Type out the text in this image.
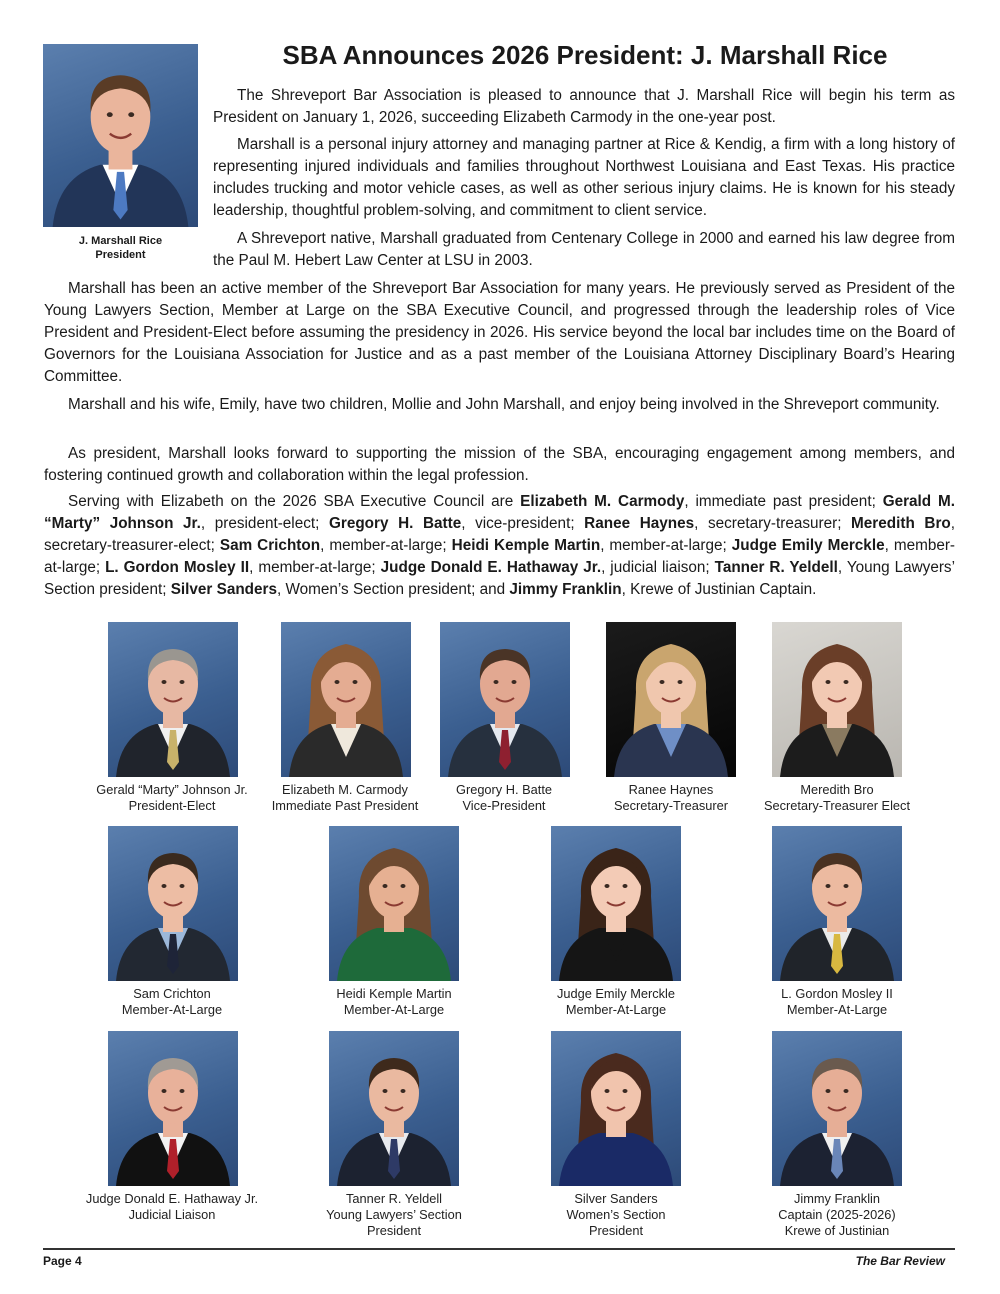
J. Marshall Rice
President
SBA Announces 2026 President: J. Marshall Rice

The Shreveport Bar Association is pleased to announce that J. Marshall Rice will begin his term as President on January 1, 2026, succeeding Elizabeth Carmody in the one-year post.

Marshall is a personal injury attorney and managing partner at Rice & Kendig, a firm with a long history of representing injured individuals and families throughout Northwest Louisiana and East Texas. His practice includes trucking and motor vehicle cases, as well as other serious injury claims. He is known for his steady leadership, thoughtful problem-solving, and commitment to client service.

A Shreveport native, Marshall graduated from Centenary College in 2000 and earned his law degree from the Paul M. Hebert Law Center at LSU in 2003.

Marshall has been an active member of the Shreveport Bar Association for many years. He previously served as President of the Young Lawyers Section, Member at Large on the SBA Executive Council, and progressed through the leadership roles of Vice President and President-Elect before assuming the presidency in 2026. His service beyond the local bar includes time on the Board of Governors for the Louisiana Association for Justice and as a past member of the Louisiana Attorney Disciplinary Board’s Hearing Committee.

Marshall and his wife, Emily, have two children, Mollie and John Marshall, and enjoy being involved in the Shreveport community.

As president, Marshall looks forward to supporting the mission of the SBA, encouraging engagement among members, and fostering continued growth and collaboration within the legal profession.

Serving with Elizabeth on the 2026 SBA Executive Council are Elizabeth M. Carmody, immediate past president; Gerald M. “Marty” Johnson Jr., president-elect; Gregory H. Batte, vice-president; Ranee Haynes, secretary-treasurer; Meredith Bro, secretary-treasurer-elect; Sam Crichton, member-at-large; Heidi Kemple Martin, member-at-large; Judge Emily Merckle, member-at-large; L. Gordon Mosley II, member-at-large; Judge Donald E. Hathaway Jr., judicial liaison; Tanner R. Yeldell, Young Lawyers’ Section president; Silver Sanders, Women’s Section president; and Jimmy Franklin, Krewe of Justinian Captain.

Gerald “Marty” Johnson Jr.
President-Elect
Elizabeth M. Carmody
Immediate Past President
Gregory H. Batte
Vice-President
Ranee Haynes
Secretary-Treasurer
Meredith Bro
Secretary-Treasurer Elect
Sam Crichton
Member-At-Large
Heidi Kemple Martin
Member-At-Large
Judge Emily Merckle
Member-At-Large
L. Gordon Mosley II
Member-At-Large
Judge Donald E. Hathaway Jr.
Judicial Liaison
Tanner R. Yeldell
Young Lawyers’ Section
President
Silver Sanders
Women’s Section
President
Jimmy Franklin
Captain (2025-2026)
Krewe of Justinian
Page 4	The Bar Review
